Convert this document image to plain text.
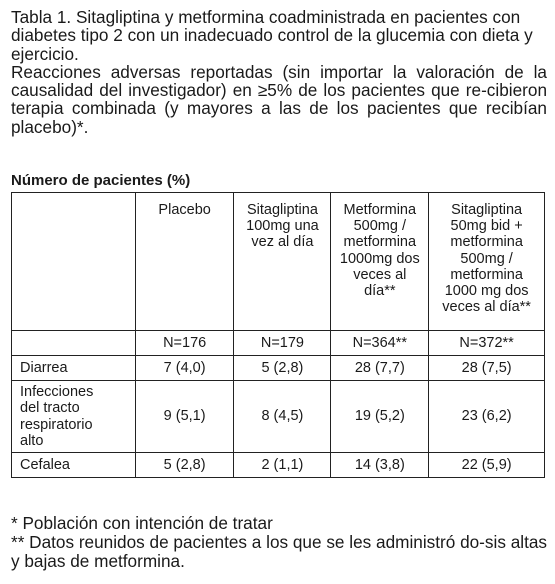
Tabla 1. Sitagliptina y metformina coadministrada en pacientes con diabetes tipo 2 con un inadecuado control de la glucemia con dieta y ejercicio.

Reacciones adversas reportadas (sin importar la valoración de la causalidad del investigador) en ≥5% de los pacientes que re-cibieron terapia combinada (y mayores a las de los pacientes que recibían placebo)*.

Número de pacientes (%)

	Placebo	Sitagliptina 100mg una vez al día	Metformina 500mg / metformina 1000mg dos veces al día**	Sitagliptina 50mg bid + metformina 500mg / metformina 1000 mg dos veces al día**

	N=176	N=179	N=364**	N=372**
Diarrea	7 (4,0)	5 (2,8)	28 (7,7)	28 (7,5)

Infecciones del tracto respiratorio alto	9 (5,1)	8 (4,5)	19 (5,2)	23 (6,2)
Cefalea	5 (2,8)	2 (1,1)	14 (3,8)	22 (5,9)
* Población con intención de tratar
** Datos reunidos de pacientes a los que se les administró do-sis altas y bajas de metformina.
